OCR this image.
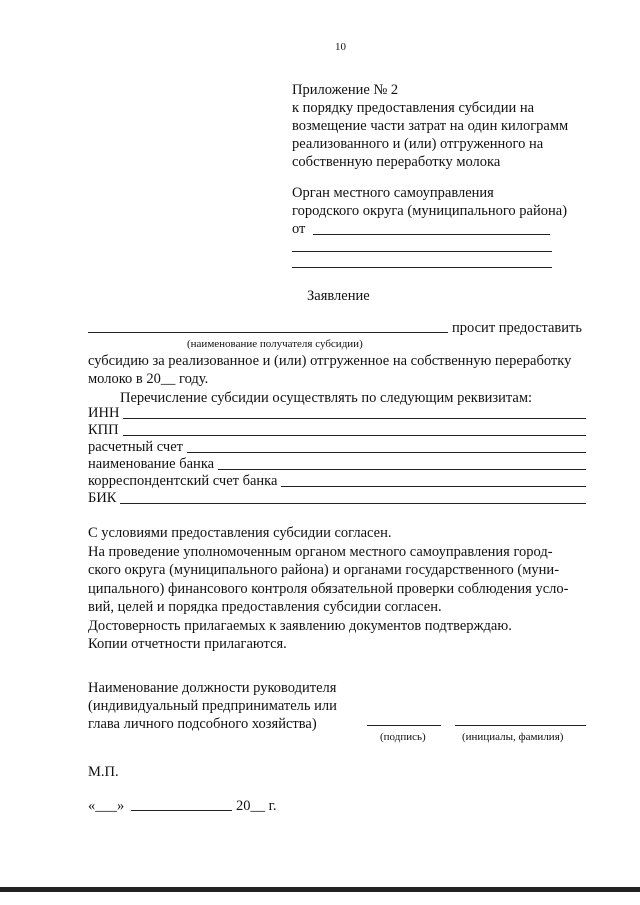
10
Приложение № 2
к порядку предоставления субсидии на
возмещение части затрат на один килограмм
реализованного и (или) отгруженного на
собственную переработку молока
Орган местного самоуправления
городского округа (муниципального района)
от
Заявление
просит предоставить
(наименование получателя субсидии)
субсидию за реализованное и (или) отгруженное на собственную переработку
молоко в 20__ году.
Перечисление субсидии осуществлять по следующим реквизитам:
ИНН
КПП
расчетный счет
наименование банка
корреспондентский счет банка
БИК

С условиями предоставления субсидии согласен.

На проведение уполномоченным органом местного самоуправления город-

ского округа (муниципального района) и органами государственного (муни-

ципального) финансового контроля обязательной проверки соблюдения усло-

вий, целей и порядка предоставления субсидии согласен.

Достоверность прилагаемых к заявлению документов подтверждаю.

Копии отчетности прилагаются.

Наименование должности руководителя
(индивидуальный предприниматель или
глава личного подсобного хозяйства)
(подпись)	(инициалы, фамилия)
М.П.
«___»	20__ г.
